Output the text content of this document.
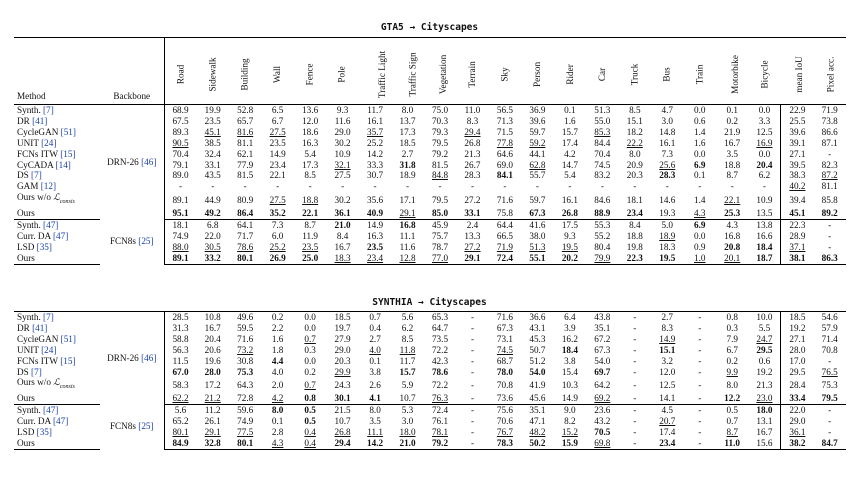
GTA5 → Cityscapes
Method	Backbone	Road	Sidewalk	Building	Wall	Fence	Pole	Traffic Light	Traffic Sign	Vegetation	Terrain	Sky	Person	Rider	Car	Truck	Bus	Train	Motorbike	Bicycle	mean IoU	Pixel acc.
Synth. [7]	DRN-26 [46]	68.9	19.9	52.8	6.5	13.6	9.3	11.7	8.0	75.0	11.0	56.5	36.9	0.1	51.3	8.5	4.7	0.0	0.1	0.0	22.9	71.9
DR [41]		67.5	23.5	65.7	6.7	12.0	11.6	16.1	13.7	70.3	8.3	71.3	39.6	1.6	55.0	15.1	3.0	0.6	0.2	3.3	25.5	73.8
CycleGAN [51]		89.3	45.1	81.6	27.5	18.6	29.0	35.7	17.3	79.3	29.4	71.5	59.7	15.7	85.3	18.2	14.8	1.4	21.9	12.5	39.6	86.6
UNIT [24]		90.5	38.5	81.1	23.5	16.3	30.2	25.2	18.5	79.5	26.8	77.8	59.2	17.4	84.4	22.2	16.1	1.6	16.7	16.9	39.1	87.1
FCNs ITW [15]		70.4	32.4	62.1	14.9	5.4	10.9	14.2	2.7	79.2	21.3	64.6	44.1	4.2	70.4	8.0	7.3	0.0	3.5	0.0	27.1	-
CyCADA [14]		79.1	33.1	77.9	23.4	17.3	32.1	33.3	31.8	81.5	26.7	69.0	62.8	14.7	74.5	20.9	25.6	6.9	18.8	20.4	39.5	82.3
DS [7]		89.0	43.5	81.5	22.1	8.5	27.5	30.7	18.9	84.8	28.3	84.1	55.7	5.4	83.2	20.3	28.3	0.1	8.7	6.2	38.3	87.2
GAM [12]		-	-	-	-	-	-	-	-	-	-	-	-	-	-	-	-	-	-	-	40.2	81.1
Ours w/o ℒ$_{consis}$		89.1	44.9	80.9	27.5	18.8	30.2	35.6	17.1	79.5	27.2	71.6	59.7	16.1	84.6	18.1	14.6	1.4	22.1	10.9	39.4	85.8
Ours		95.1	49.2	86.4	35.2	22.1	36.1	40.9	29.1	85.0	33.1	75.8	67.3	26.8	88.9	23.4	19.3	4.3	25.3	13.5	45.1	89.2
Synth. [47]	FCN8s [25]	18.1	6.8	64.1	7.3	8.7	21.0	14.9	16.8	45.9	2.4	64.4	41.6	17.5	55.3	8.4	5.0	6.9	4.3	13.8	22.3	-
Curr. DA [47]		74.9	22.0	71.7	6.0	11.9	8.4	16.3	11.1	75.7	13.3	66.5	38.0	9.3	55.2	18.8	18.9	0.0	16.8	16.6	28.9	-
LSD [35]		88.0	30.5	78.6	25.2	23.5	16.7	23.5	11.6	78.7	27.2	71.9	51.3	19.5	80.4	19.8	18.3	0.9	20.8	18.4	37.1	-
Ours		89.1	33.2	80.1	26.9	25.0	18.3	23.4	12.8	77.0	29.1	72.4	55.1	20.2	79.9	22.3	19.5	1.0	20.1	18.7	38.1	86.3
SYNTHIA → Cityscapes
Synth. [7]	DRN-26 [46]	28.5	10.8	49.6	0.2	0.0	18.5	0.7	5.6	65.3	-	71.6	36.6	6.4	43.8	-	2.7	-	0.8	10.0	18.5	54.6
DR [41]		31.3	16.7	59.5	2.2	0.0	19.7	0.4	6.2	64.7	-	67.3	43.1	3.9	35.1	-	8.3	-	0.3	5.5	19.2	57.9
CycleGAN [51]		58.8	20.4	71.6	1.6	0.7	27.9	2.7	8.5	73.5	-	73.1	45.3	16.2	67.2	-	14.9	-	7.9	24.7	27.1	71.4
UNIT [24]		56.3	20.6	73.2	1.8	0.3	29.0	4.0	11.8	72.2	-	74.5	50.7	18.4	67.3	-	15.1	-	6.7	29.5	28.0	70.8
FCNs ITW [15]		11.5	19.6	30.8	4.4	0.0	20.3	0.1	11.7	42.3	-	68.7	51.2	3.8	54.0	-	3.2	-	0.2	0.6	17.0	-
DS [7]		67.0	28.0	75.3	4.0	0.2	29.9	3.8	15.7	78.6	-	78.0	54.0	15.4	69.7	-	12.0	-	9.9	19.2	29.5	76.5
Ours w/o ℒ$_{consis}$		58.3	17.2	64.3	2.0	0.7	24.3	2.6	5.9	72.2	-	70.8	41.9	10.3	64.2	-	12.5	-	8.0	21.3	28.4	75.3
Ours		62.2	21.2	72.8	4.2	0.8	30.1	4.1	10.7	76.3	-	73.6	45.6	14.9	69.2	-	14.1	-	12.2	23.0	33.4	79.5
Synth. [47]	FCN8s [25]	5.6	11.2	59.6	8.0	0.5	21.5	8.0	5.3	72.4	-	75.6	35.1	9.0	23.6	-	4.5	-	0.5	18.0	22.0	-
Curr. DA [47]		65.2	26.1	74.9	0.1	0.5	10.7	3.5	3.0	76.1	-	70.6	47.1	8.2	43.2	-	20.7	-	0.7	13.1	29.0	-
LSD [35]		80.1	29.1	77.5	2.8	0.4	26.8	11.1	18.0	78.1	-	76.7	48.2	15.2	70.5	-	17.4	-	8.7	16.7	36.1	-
Ours		84.9	32.8	80.1	4.3	0.4	29.4	14.2	21.0	79.2	-	78.3	50.2	15.9	69.8	-	23.4	-	11.0	15.6	38.2	84.7
